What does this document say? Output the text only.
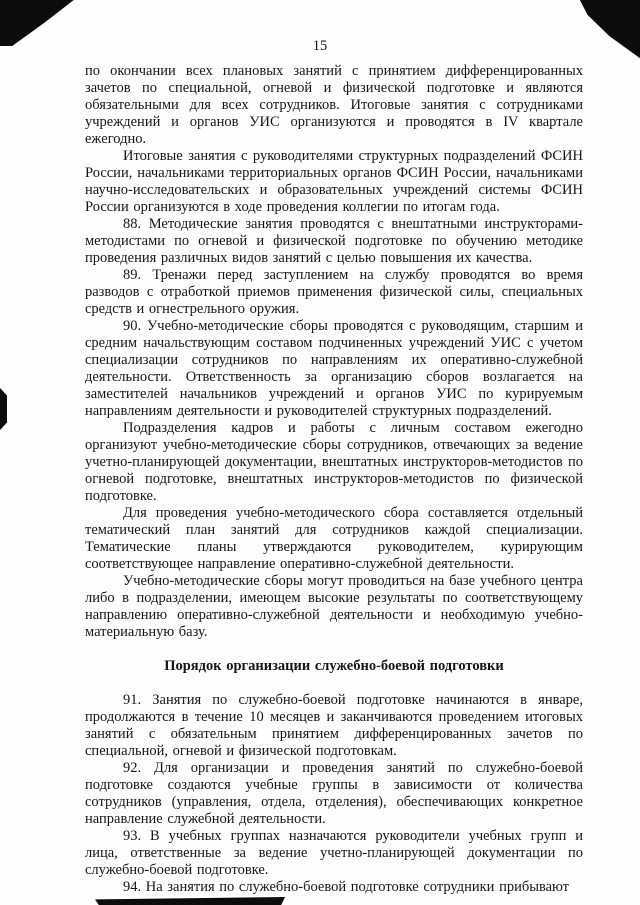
15

по окончании всех плановых занятий с принятием дифференцированных зачетов по специальной, огневой и физической подготовке и являются обязательными для всех сотрудников. Итоговые занятия с сотрудниками учреждений и органов УИС организуются и проводятся в IV квартале ежегодно.

Итоговые занятия с руководителями структурных подразделений ФСИН России, начальниками территориальных органов ФСИН России, начальниками научно-исследовательских и образовательных учреждений системы ФСИН России организуются в ходе проведения коллегии по итогам года.

88. Методические занятия проводятся с внештатными инструкторами-методистами по огневой и физической подготовке по обучению методике проведения различных видов занятий с целью повышения их качества.

89. Тренажи перед заступлением на службу проводятся во время разводов с отработкой приемов применения физической силы, специальных средств и огнестрельного оружия.

90. Учебно-методические сборы проводятся с руководящим, старшим и средним начальствующим составом подчиненных учреждений УИС с учетом специализации сотрудников по направлениям их оперативно-служебной деятельности. Ответственность за организацию сборов возлагается на заместителей начальников учреждений и органов УИС по курируемым направлениям деятельности и руководителей структурных подразделений.

Подразделения кадров и работы с личным составом ежегодно организуют учебно-методические сборы сотрудников, отвечающих за ведение учетно-планирующей документации, внештатных инструкторов-методистов по огневой подготовке, внештатных инструкторов-методистов по физической подготовке.

Для проведения учебно-методического сбора составляется отдельный тематический план занятий для сотрудников каждой специализации. Тематические планы утверждаются руководителем, курирующим соответствующее направление оперативно-служебной деятельности.

Учебно-методические сборы могут проводиться на базе учебного центра либо в подразделении, имеющем высокие результаты по соответствующему направлению оперативно-служебной деятельности и необходимую учебно-материальную базу.

Порядок организации служебно-боевой подготовки

91. Занятия по служебно-боевой подготовке начинаются в январе, продолжаются в течение 10 месяцев и заканчиваются проведением итоговых занятий с обязательным принятием дифференцированных зачетов по специальной, огневой и физической подготовкам.

92. Для организации и проведения занятий по служебно-боевой подготовке создаются учебные группы в зависимости от количества сотрудников (управления, отдела, отделения), обеспечивающих конкретное направление служебной деятельности.

93. В учебных группах назначаются руководители учебных групп и лица, ответственные за ведение учетно-планирующей документации по служебно-боевой подготовке.

94. На занятия по служебно-боевой подготовке сотрудники прибывают
